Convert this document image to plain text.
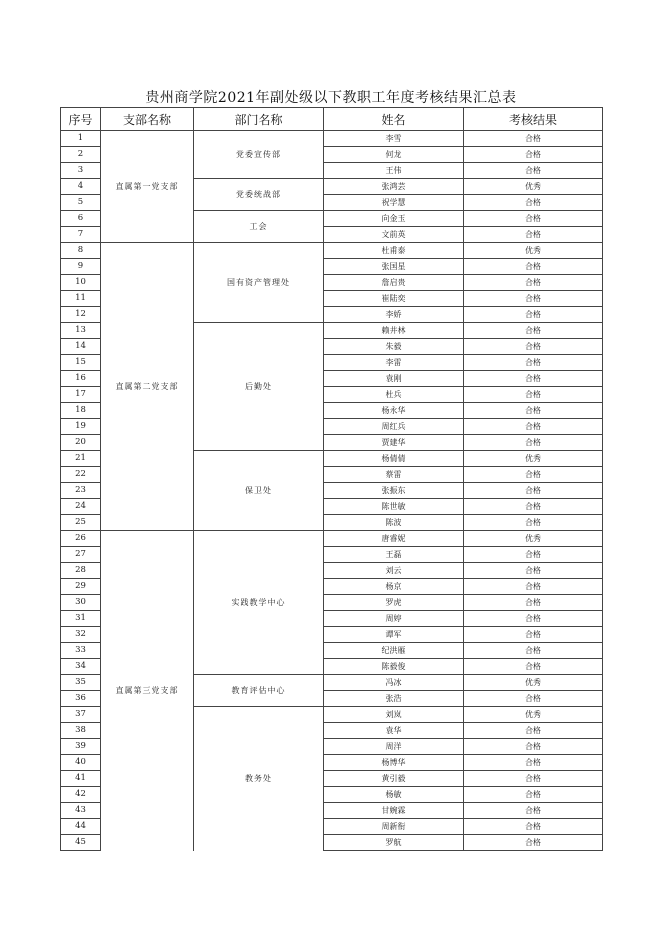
贵州商学院2021年副处级以下教职工年度考核结果汇总表
序号	支部名称	部门名称	姓名	考核结果
1	直属第一党支部	党委宣传部	李雪	合格
2			何龙	合格
3			王伟	合格
4		党委统战部	张鸿芸	优秀
5			祝学慧	合格
6		工会	向金玉	合格
7			文前英	合格
8	直属第二党支部	国有资产管理处	杜甫泰	优秀
9			张国星	合格
10			詹启贵	合格
11			崔陆奕	合格
12			李娇	合格
13		后勤处	赖井林	合格
14			朱毅	合格
15			李雷	合格
16			袁刚	合格
17			杜兵	合格
18			杨永华	合格
19			周红兵	合格
20			贾建华	合格
21		保卫处	杨倩倩	优秀
22			蔡雷	合格
23			张振东	合格
24			陈世敏	合格
25			陈波	合格
26	直属第三党支部	实践教学中心	唐睿妮	优秀
27			王磊	合格
28			刘云	合格
29			杨京	合格
30			罗虎	合格
31			周婷	合格
32			谭军	合格
33			纪洪雁	合格
34			陈毅俊	合格
35		教育评估中心	冯冰	优秀
36			张浩	合格
37		教务处	刘岚	优秀
38			袁华	合格
39			周洋	合格
40			杨博华	合格
41			黄引毅	合格
42			杨敏	合格
43			甘婉霖	合格
44			周新衔	合格
45			罗航	合格
